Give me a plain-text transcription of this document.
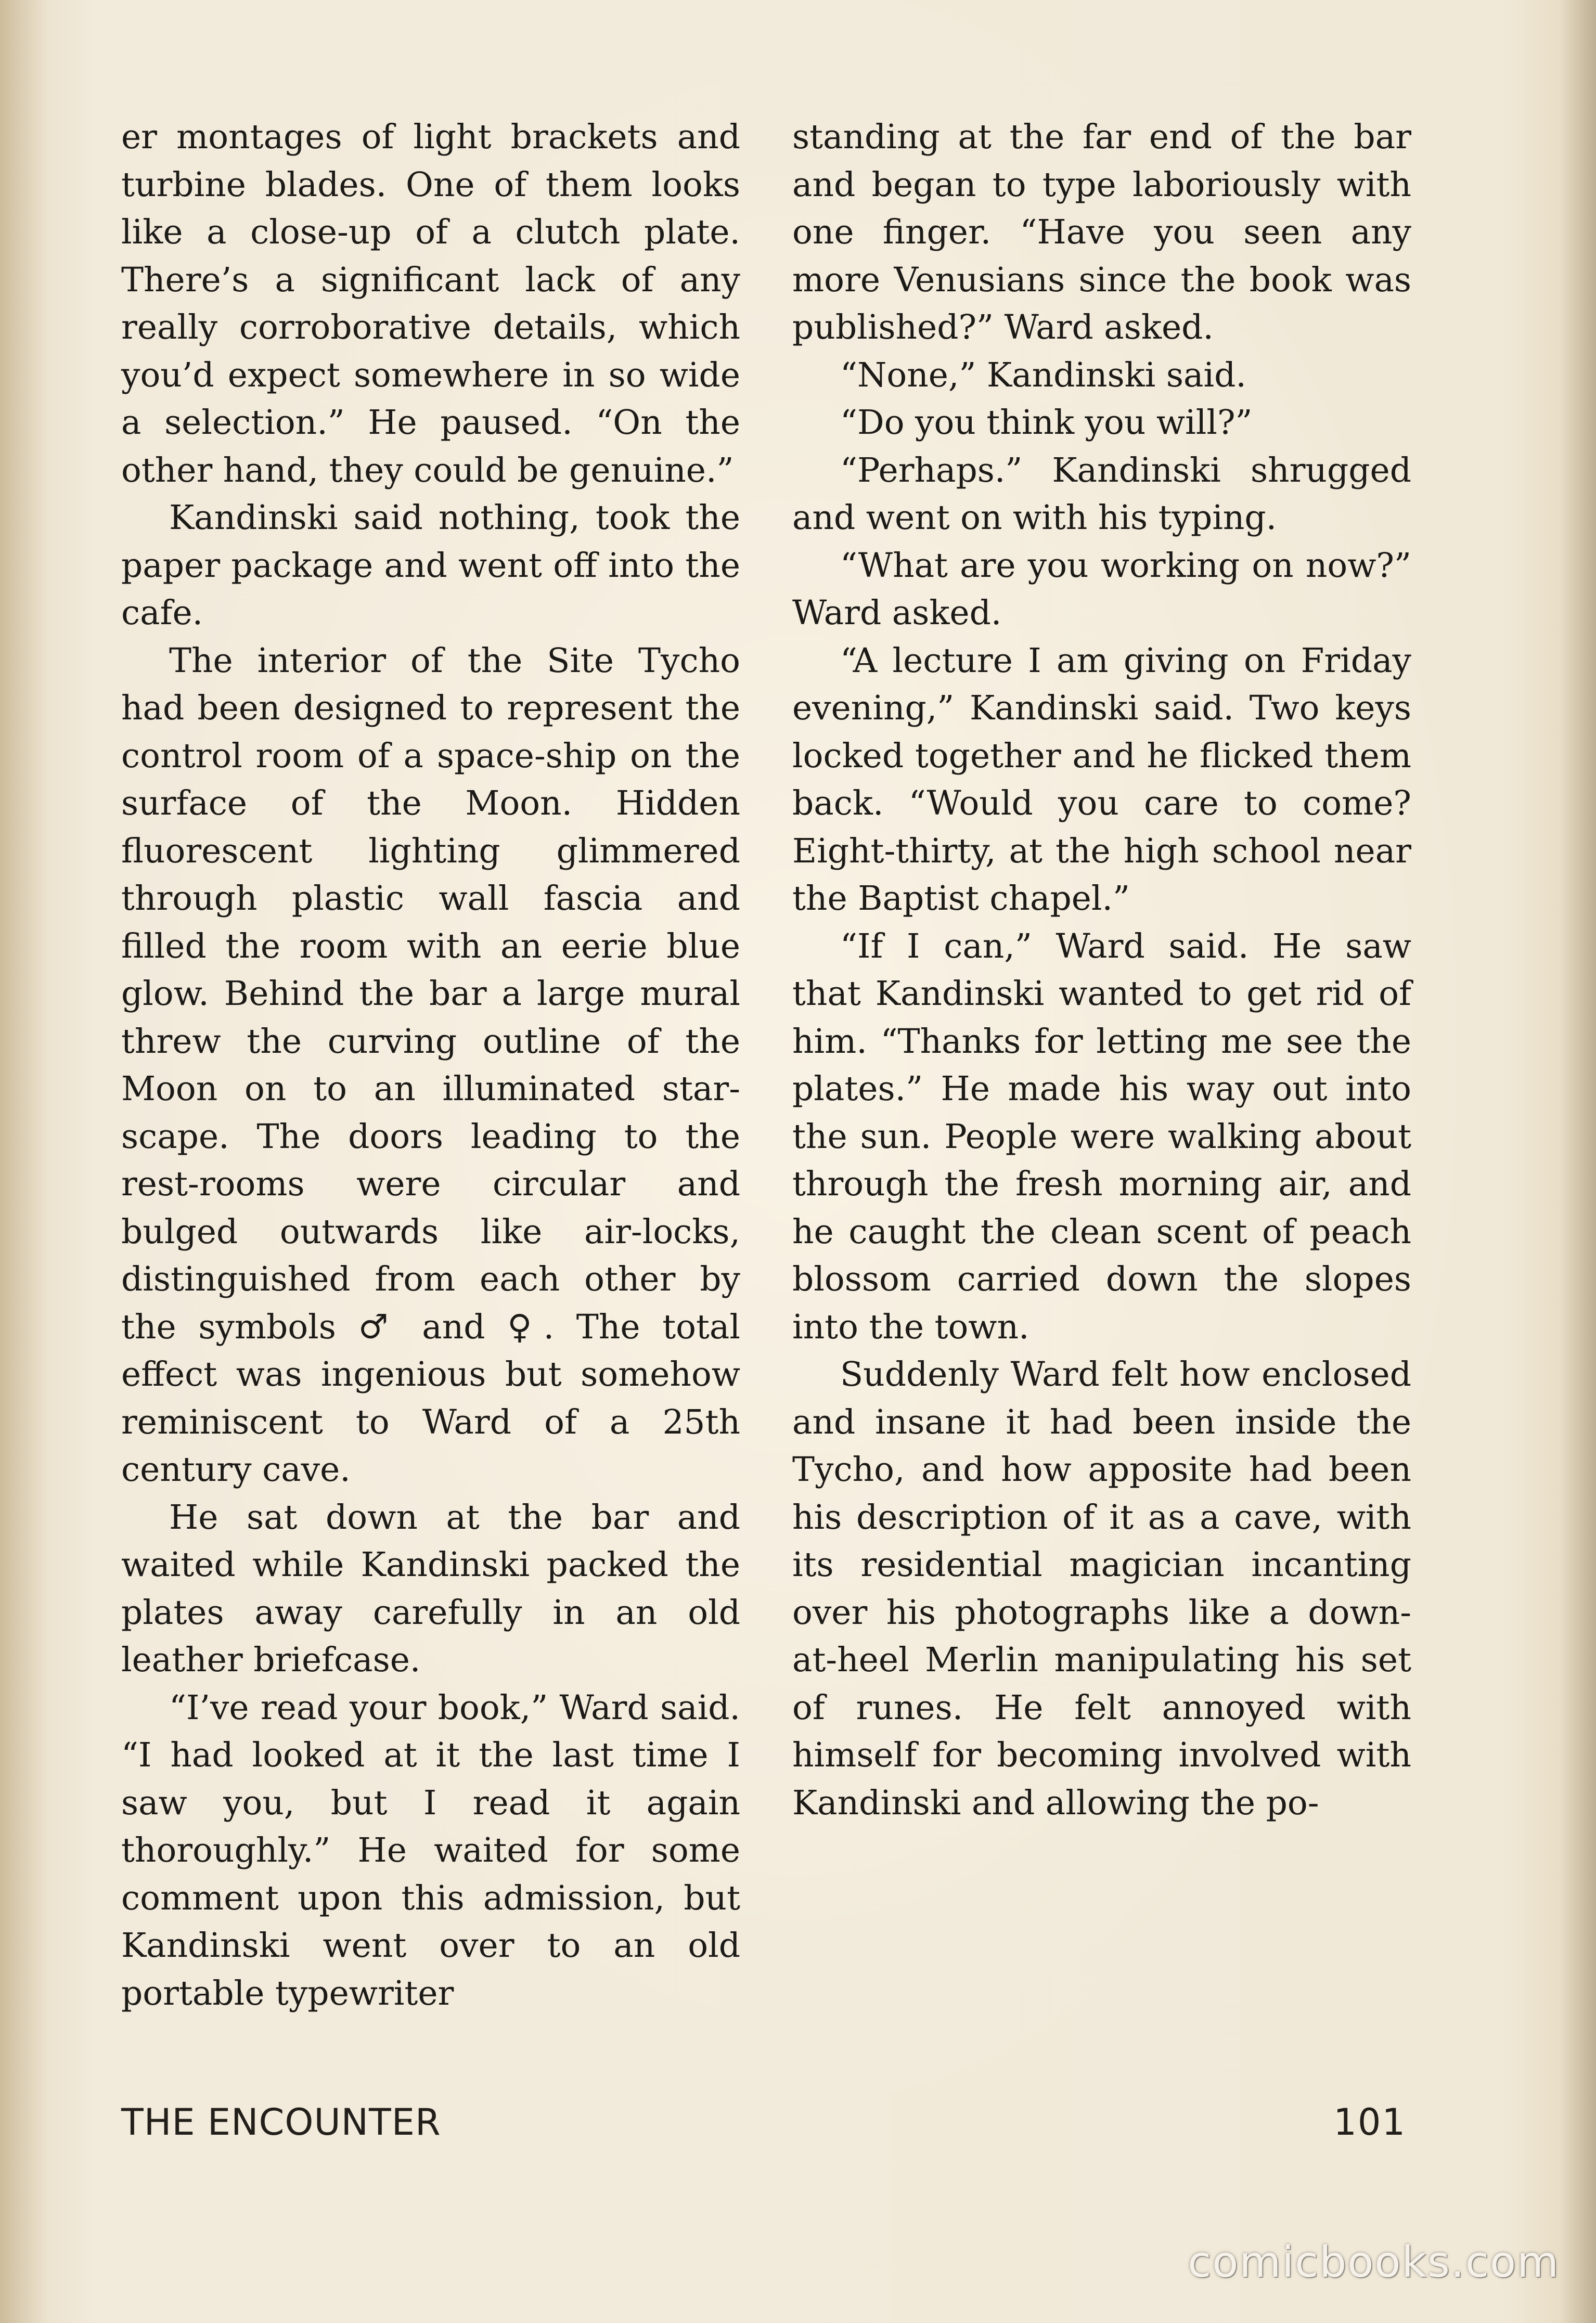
er montages of light brackets and turbine blades. One of them looks like a close-up of a clutch plate. There’s a significant lack of any really corroborative details, which you’d expect somewhere in so wide a selection.” He paused. “On the other hand, they could be genuine.”

Kandinski said nothing, took the paper package and went off into the cafe.

The interior of the Site Tycho had been designed to represent the control room of a space-ship on the surface of the Moon. Hidden fluorescent lighting glimmered through plastic wall fascia and filled the room with an eerie blue glow. Behind the bar a large mural threw the curving outline of the Moon on to an illuminated star-scape. The doors leading to the rest-rooms were circular and bulged outwards like air-locks, distinguished from each other by the symbols ♂ and ♀. The total effect was ingenious but somehow reminiscent to Ward of a 25th century cave.

He sat down at the bar and waited while Kandinski packed the plates away carefully in an old leather briefcase.

“I’ve read your book,” Ward said. “I had looked at it the last time I saw you, but I read it again thoroughly.” He waited for some comment upon this admission, but Kandinski went over to an old portable typewriter

standing at the far end of the bar and began to type laboriously with one finger. “Have you seen any more Venusians since the book was published?” Ward asked.

“None,” Kandinski said.

“Do you think you will?”

“Perhaps.” Kandinski shrugged and went on with his typing.

“What are you working on now?” Ward asked.

“A lecture I am giving on Friday evening,” Kandinski said. Two keys locked together and he flicked them back. “Would you care to come? Eight-thirty, at the high school near the Baptist chapel.”

“If I can,” Ward said. He saw that Kandinski wanted to get rid of him. “Thanks for letting me see the plates.” He made his way out into the sun. People were walking about through the fresh morning air, and he caught the clean scent of peach blossom carried down the slopes into the town.

Suddenly Ward felt how enclosed and insane it had been inside the Tycho, and how apposite had been his description of it as a cave, with its residential magician incanting over his photographs like a down-at-heel Merlin manipulating his set of runes. He felt annoyed with himself for becoming involved with Kandinski and allowing the po-

THE ENCOUNTER	101
comicbooks.com
